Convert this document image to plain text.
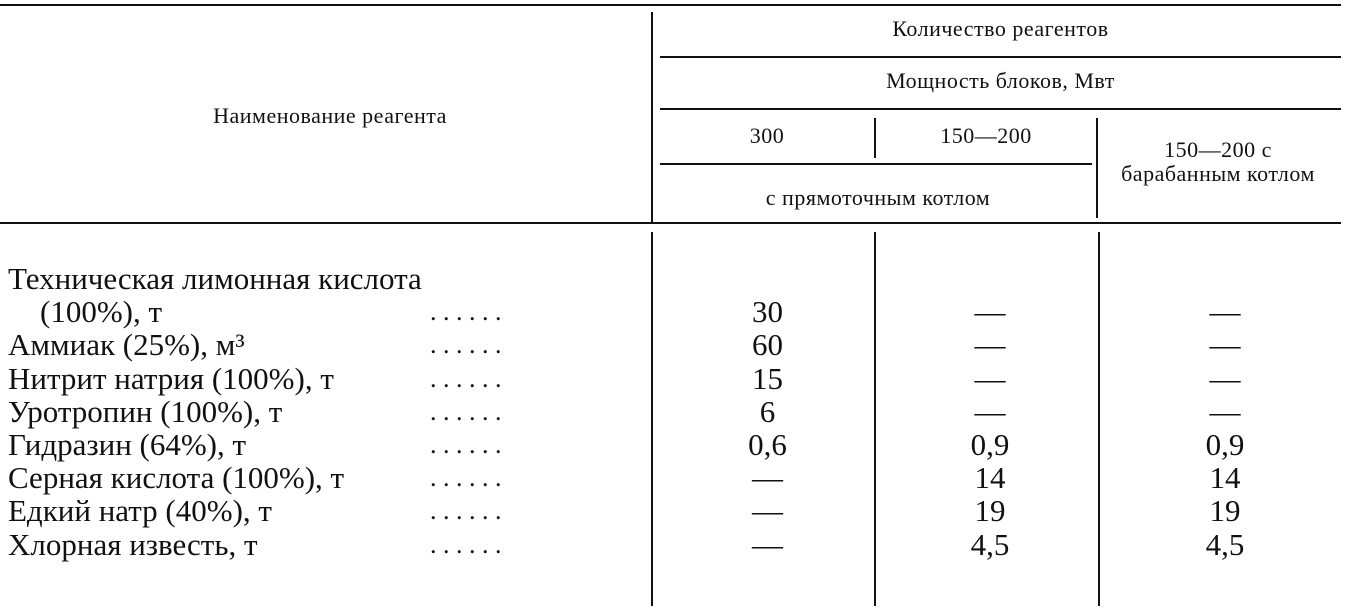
Наименование реагента
Количество реагентов
Мощность блоков, Мвт
300	150—200
с прямоточным котлом
150—200 с барабанным котлом
Техническая лимонная кислота
(100%), т	. . . . . .	30	—	—
Аммиак (25%), м³	. . . . . .	60	—	—
Нитрит натрия (100%), т	. . . . . .	15	—	—
Уротропин (100%), т	. . . . . .	6	—	—
Гидразин (64%), т	. . . . . .	0,6	0,9	0,9
Серная кислота (100%), т	. . . . . .	—	14	14
Едкий натр (40%), т	. . . . . .	—	19	19
Хлорная известь, т	. . . . . .	—	4,5	4,5
